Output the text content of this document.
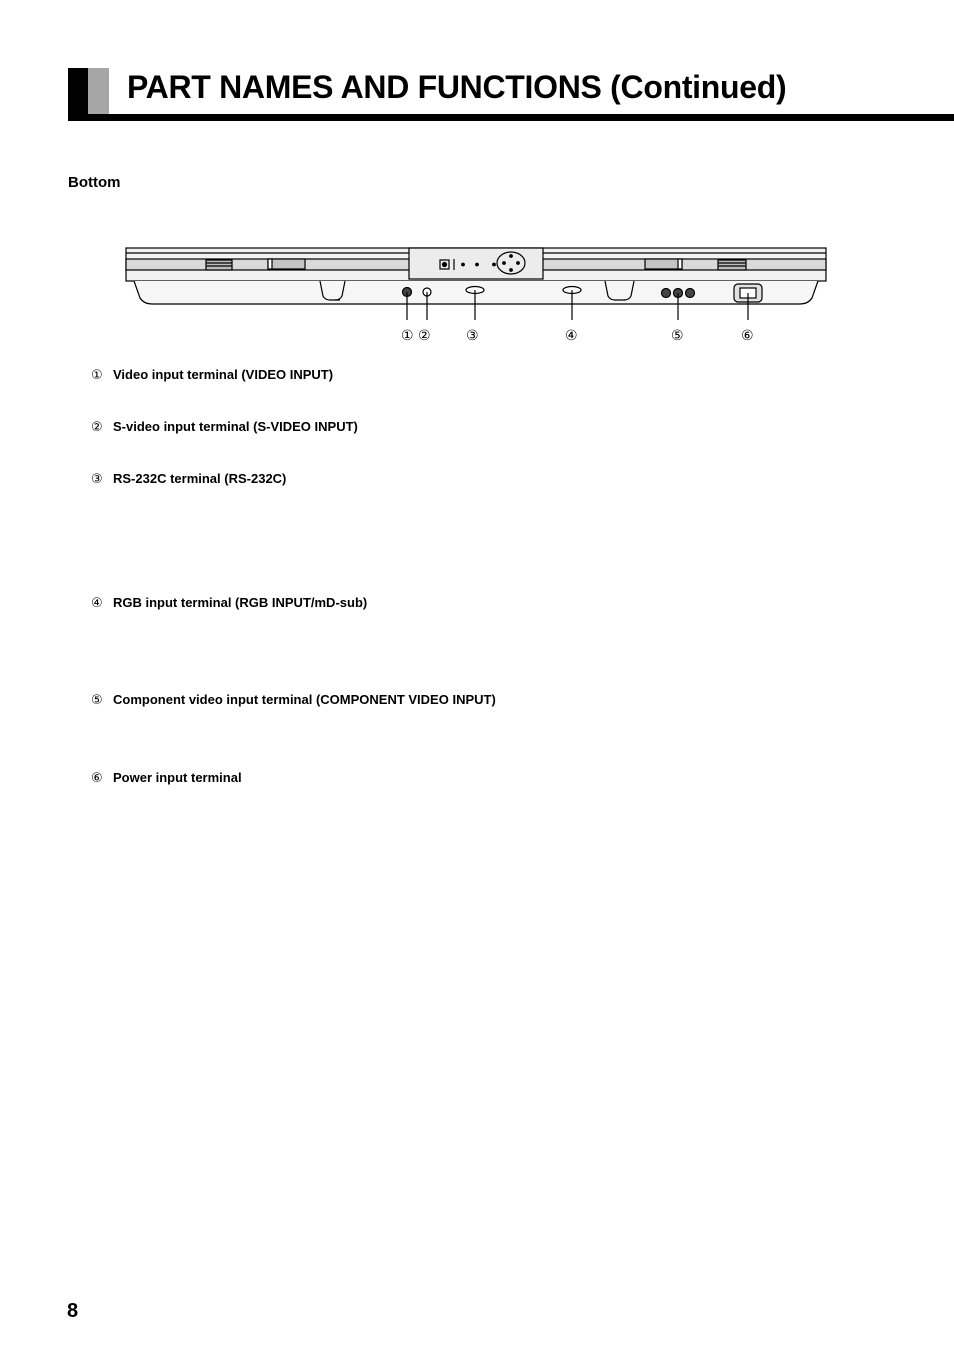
PART NAMES AND FUNCTIONS (Continued)
Bottom
① ②	③	④	⑤	⑥
① Video input terminal (VIDEO INPUT)
② S-video input terminal (S-VIDEO INPUT)
③ RS-232C terminal (RS-232C)
④ RGB input terminal (RGB INPUT/mD-sub)
⑤ Component video input terminal (COMPONENT VIDEO INPUT)
⑥ Power input terminal
8
